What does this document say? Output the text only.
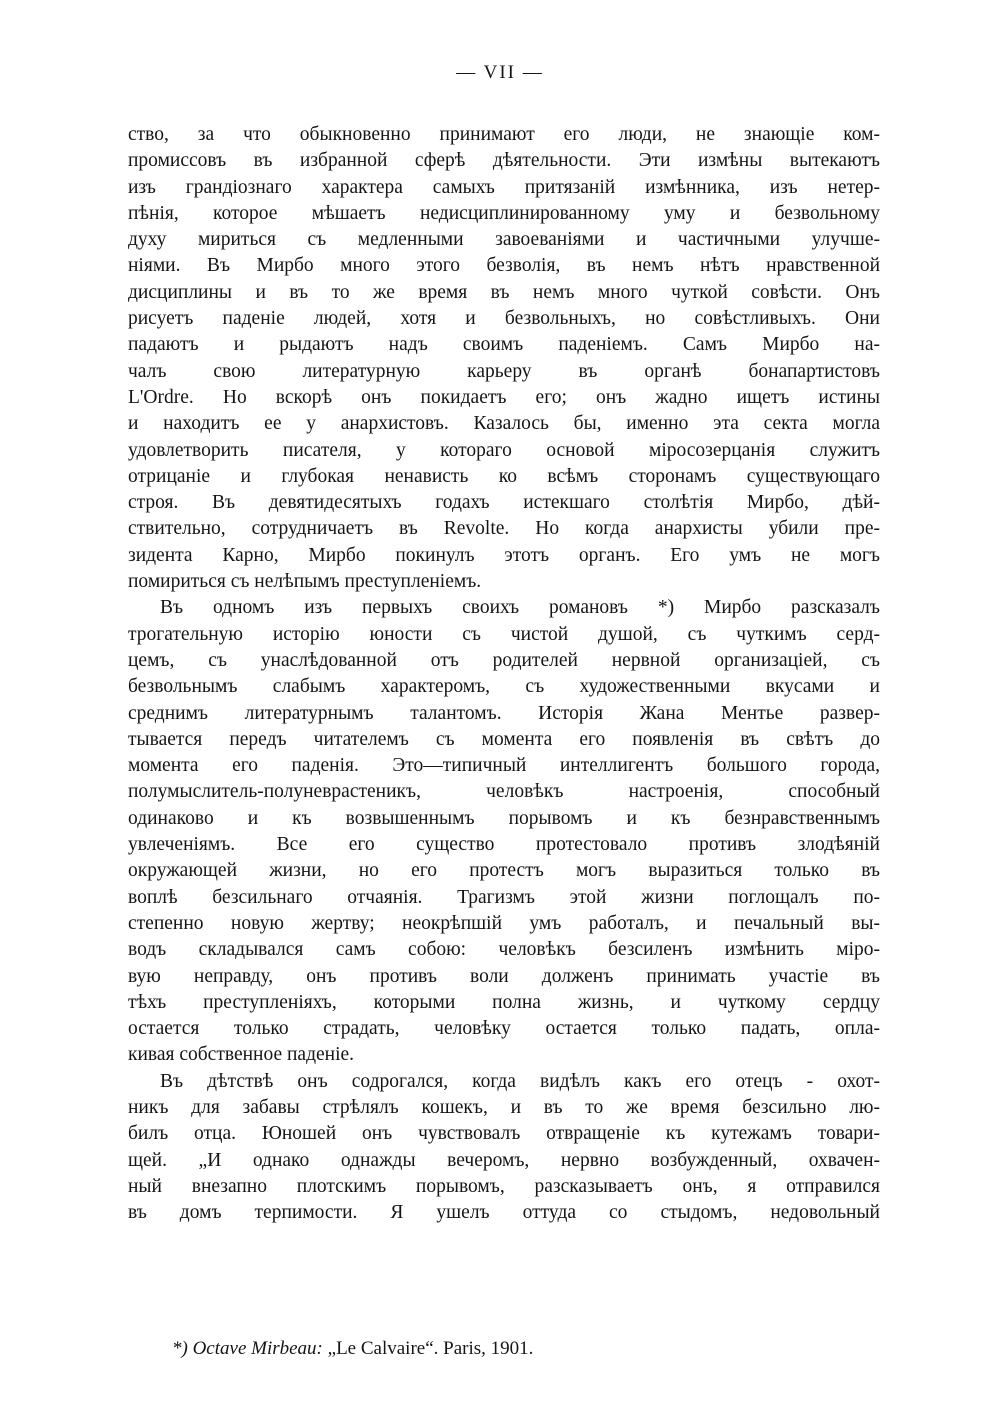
— VII —
ство, за что обыкновенно принимают его люди, не знающіе ком-
промиссовъ въ избранной сферѣ дѣятельности. Эти измѣны вытекаютъ
изъ грандіознаго характера самыхъ притязаній измѣнника, изъ нетер-
пѣнія, которое мѣшаетъ недисциплинированному уму и безвольному
духу мириться съ медленными завоеваніями и частичными улучше-
ніями. Въ Мирбо много этого безволія, въ немъ нѣтъ нравственной
дисциплины и въ то же время въ немъ много чуткой совѣсти. Онъ
рисуетъ паденіе людей, хотя и безвольныхъ, но совѣстливыхъ. Они
падаютъ и рыдаютъ надъ своимъ паденіемъ. Самъ Мирбо на-
чалъ свою литературную карьеру въ органѣ бонапартистовъ
L'Ordre. Но вскорѣ онъ покидаетъ его; онъ жадно ищетъ истины
и находитъ ее у анархистовъ. Казалось бы, именно эта секта могла
удовлетворить писателя, у котораго основой міросозерцанія служитъ
отрицаніе и глубокая ненависть ко всѣмъ сторонамъ существующаго
строя. Въ девятидесятыхъ годахъ истекшаго столѣтія Мирбо, дѣй-
ствительно, сотрудничаетъ въ Revolte. Но когда анархисты убили пре-
зидента Карно, Мирбо покинулъ этотъ органъ. Его умъ не могъ
помириться съ нелѣпымъ преступленіемъ.
Въ одномъ изъ первыхъ своихъ романовъ *) Мирбо разсказалъ
трогательную исторію юности съ чистой душой, съ чуткимъ серд-
цемъ, съ унаслѣдованной отъ родителей нервной организаціей, съ
безвольнымъ слабымъ характеромъ, съ художественными вкусами и
среднимъ литературнымъ талантомъ. Исторія Жана Ментье развер-
тывается передъ читателемъ съ момента его появленія въ свѣтъ до
момента его паденія. Это—типичный интеллигентъ большого города,
полумыслитель-полуневрастеникъ, человѣкъ настроенія, способный
одинаково и къ возвышеннымъ порывомъ и къ безнравственнымъ
увлеченіямъ. Все его существо протестовало противъ злодѣяній
окружающей жизни, но его протестъ могъ выразиться только въ
воплѣ безсильнаго отчаянія. Трагизмъ этой жизни поглощалъ по-
степенно новую жертву; неокрѣпшій умъ работалъ, и печальный вы-
водъ складывался самъ собою: человѣкъ безсиленъ измѣнить міро-
вую неправду, онъ противъ воли долженъ принимать участіе въ
тѣхъ преступленіяхъ, которыми полна жизнь, и чуткому сердцу
остается только страдать, человѣку остается только падать, опла-
кивая собственное паденіе.
Въ дѣтствѣ онъ содрогался, когда видѣлъ какъ его отецъ - охот-
никъ для забавы стрѣлялъ кошекъ, и въ то же время безсильно лю-
билъ отца. Юношей онъ чувствовалъ отвращеніе къ кутежамъ товари-
щей. „И однако однажды вечеромъ, нервно возбужденный, охвачен-
ный внезапно плотскимъ порывомъ, разсказываетъ онъ, я отправился
въ домъ терпимости. Я ушелъ оттуда со стыдомъ, недовольный
*) Octave Mirbeau: „Le Calvaire“. Paris, 1901.
